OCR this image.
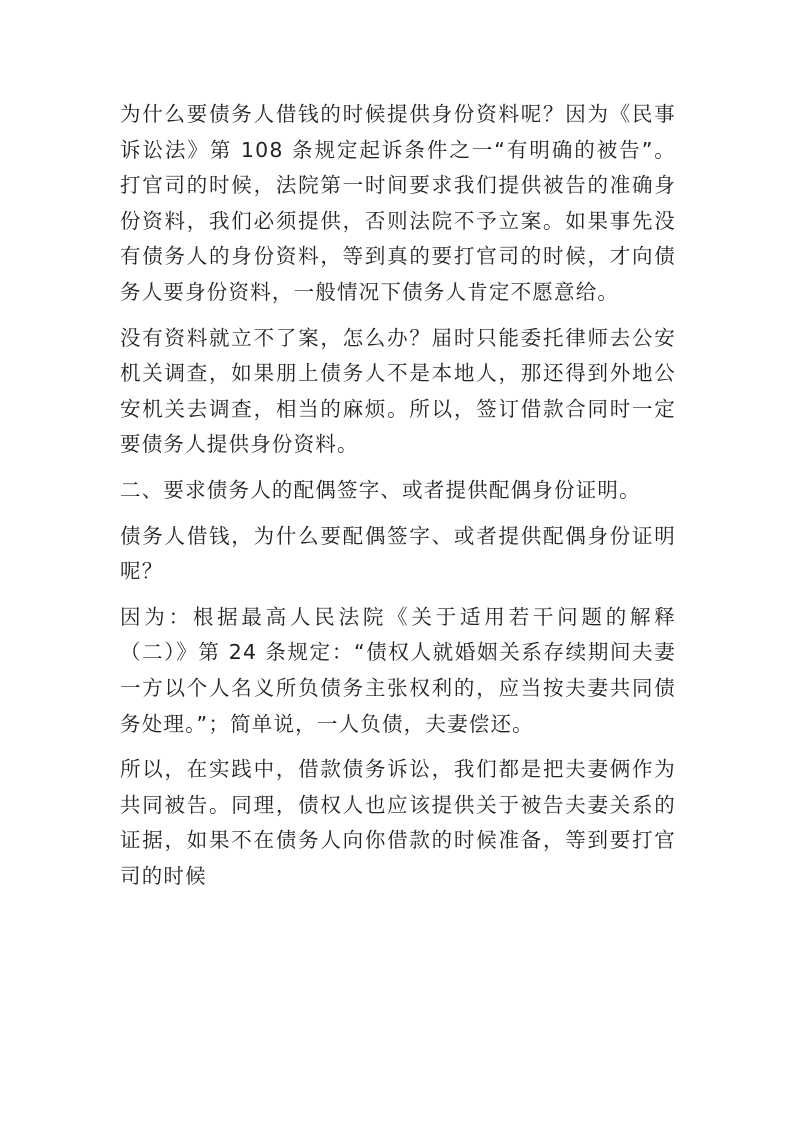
为什么要债务人借钱的时候提供身份资料呢？因为《民事诉讼法》第 108 条规定起诉条件之一“有明确的被告”。打官司的时候，法院第一时间要求我们提供被告的准确身份资料，我们必须提供，否则法院不予立案。如果事先没有债务人的身份资料，等到真的要打官司的时候，才向债务人要身份资料，一般情况下债务人肯定不愿意给。

没有资料就立不了案，怎么办？届时只能委托律师去公安机关调查，如果朋上债务人不是本地人，那还得到外地公安机关去调查，相当的麻烦。所以，签订借款合同时一定要债务人提供身份资料。

二、要求债务人的配偶签字、或者提供配偶身份证明。

债务人借钱，为什么要配偶签字、或者提供配偶身份证明呢？

因为：根据最高人民法院《关于适用若干问题的解释（二）》第 24 条规定：“债权人就婚姻关系存续期间夫妻一方以个人名义所负债务主张权利的，应当按夫妻共同债务处理。”；简单说，一人负债，夫妻偿还。

所以，在实践中，借款债务诉讼，我们都是把夫妻俩作为共同被告。同理，债权人也应该提供关于被告夫妻关系的证据，如果不在债务人向你借款的时候准备，等到要打官司的时候
